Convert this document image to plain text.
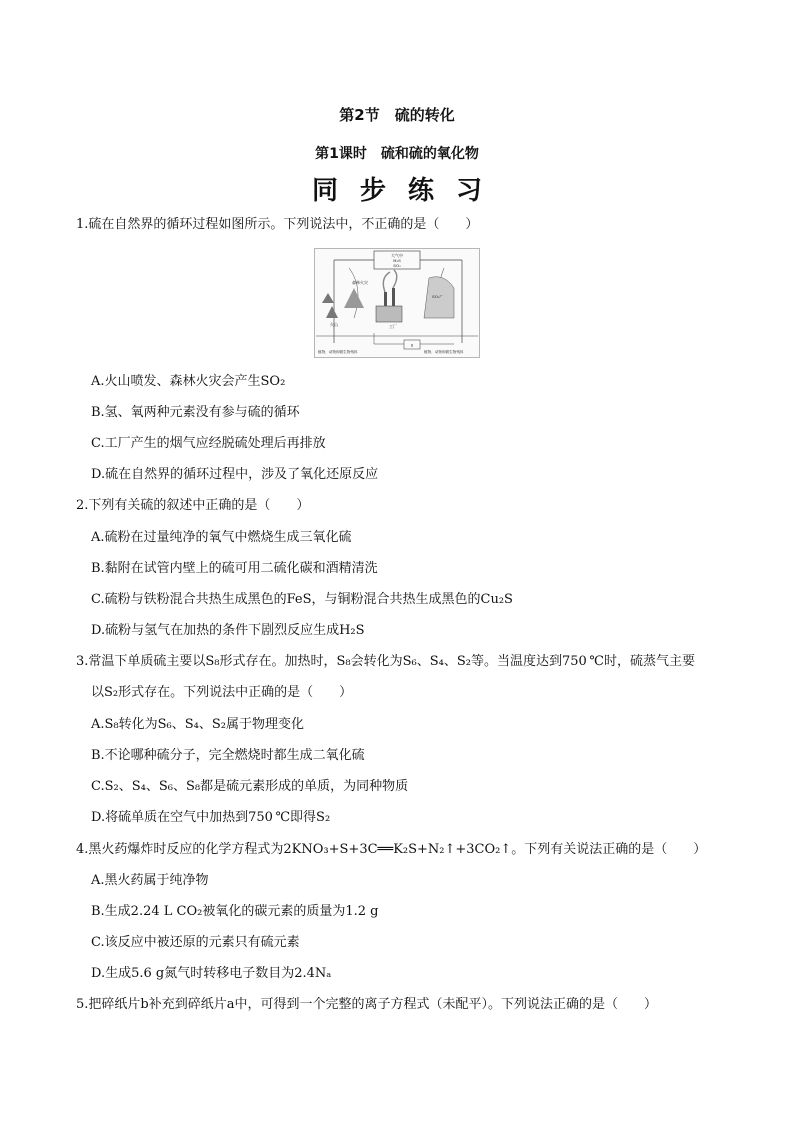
第2节　硫的转化
第1课时　硫和硫的氧化物
同步练习
1.硫在自然界的循环过程如图所示。下列说法中，不正确的是（　　）
大气中
H₂S
SO₂
火山
森林火灾
工厂
SO₄²⁻
S
植物、动物和微生物残体	植物、动物和微生物残体
A.火山喷发、森林火灾会产生SO₂
B.氢、氧两种元素没有参与硫的循环
C.工厂产生的烟气应经脱硫处理后再排放
D.硫在自然界的循环过程中，涉及了氧化还原反应
2.下列有关硫的叙述中正确的是（　　）
A.硫粉在过量纯净的氧气中燃烧生成三氧化硫
B.黏附在试管内壁上的硫可用二硫化碳和酒精清洗
C.硫粉与铁粉混合共热生成黑色的FeS，与铜粉混合共热生成黑色的Cu₂S
D.硫粉与氢气在加热的条件下剧烈反应生成H₂S
3.常温下单质硫主要以S₈形式存在。加热时，S₈会转化为S₆、S₄、S₂等。当温度达到750 ℃时，硫蒸气主要
以S₂形式存在。下列说法中正确的是（　　）
A.S₈转化为S₆、S₄、S₂属于物理变化
B.不论哪种硫分子，完全燃烧时都生成二氧化硫
C.S₂、S₄、S₆、S₈都是硫元素形成的单质，为同种物质
D.将硫单质在空气中加热到750 ℃即得S₂
4.黑火药爆炸时反应的化学方程式为2KNO₃+S+3C══K₂S+N₂↑+3CO₂↑。下列有关说法正确的是（　　）
A.黑火药属于纯净物
B.生成2.24 L CO₂被氧化的碳元素的质量为1.2 g
C.该反应中被还原的元素只有硫元素
D.生成5.6 g氮气时转移电子数目为2.4Nₐ
5.把碎纸片b补充到碎纸片a中，可得到一个完整的离子方程式（未配平）。下列说法正确的是（　　）
